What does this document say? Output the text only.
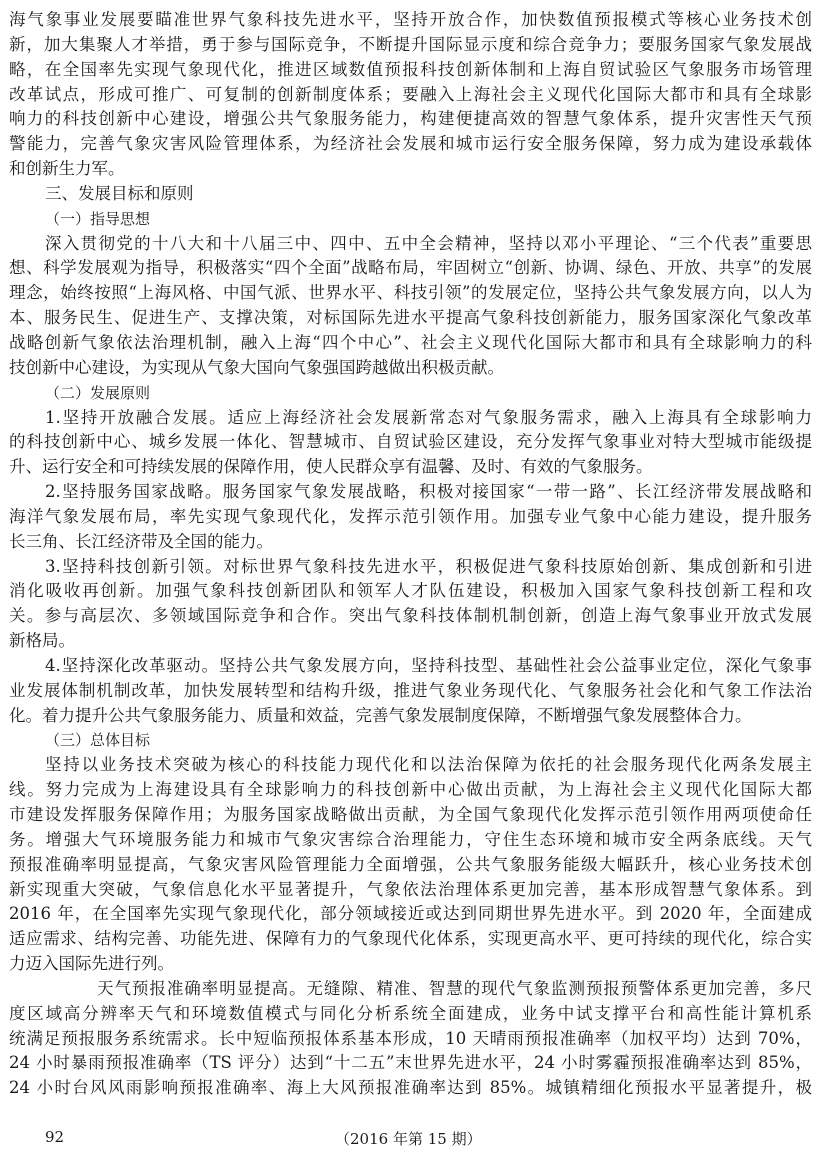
海气象事业发展要瞄准世界气象科技先进水平，坚持开放合作，加快数值预报模式等核心业务技术创
新，加大集聚人才举措，勇于参与国际竞争，不断提升国际显示度和综合竞争力；要服务国家气象发展战
略，在全国率先实现气象现代化，推进区域数值预报科技创新体制和上海自贸试验区气象服务市场管理
改革试点，形成可推广、可复制的创新制度体系；要融入上海社会主义现代化国际大都市和具有全球影
响力的科技创新中心建设，增强公共气象服务能力，构建便捷高效的智慧气象体系，提升灾害性天气预
警能力，完善气象灾害风险管理体系，为经济社会发展和城市运行安全服务保障，努力成为建设承载体
和创新生力军。
三、发展目标和原则
（一）指导思想
深入贯彻党的十八大和十八届三中、四中、五中全会精神，坚持以邓小平理论、“三个代表”重要思
想、科学发展观为指导，积极落实“四个全面”战略布局，牢固树立“创新、协调、绿色、开放、共享”的发展
理念，始终按照“上海风格、中国气派、世界水平、科技引领”的发展定位，坚持公共气象发展方向，以人为
本、服务民生、促进生产、支撑决策，对标国际先进水平提高气象科技创新能力，服务国家深化气象改革
战略创新气象依法治理机制，融入上海“四个中心”、社会主义现代化国际大都市和具有全球影响力的科
技创新中心建设，为实现从气象大国向气象强国跨越做出积极贡献。
（二）发展原则
1.坚持开放融合发展。适应上海经济社会发展新常态对气象服务需求，融入上海具有全球影响力
的科技创新中心、城乡发展一体化、智慧城市、自贸试验区建设，充分发挥气象事业对特大型城市能级提
升、运行安全和可持续发展的保障作用，使人民群众享有温馨、及时、有效的气象服务。
2.坚持服务国家战略。服务国家气象发展战略，积极对接国家“一带一路”、长江经济带发展战略和
海洋气象发展布局，率先实现气象现代化，发挥示范引领作用。加强专业气象中心能力建设，提升服务
长三角、长江经济带及全国的能力。
3.坚持科技创新引领。对标世界气象科技先进水平，积极促进气象科技原始创新、集成创新和引进
消化吸收再创新。加强气象科技创新团队和领军人才队伍建设，积极加入国家气象科技创新工程和攻
关。参与高层次、多领域国际竞争和合作。突出气象科技体制机制创新，创造上海气象事业开放式发展
新格局。
4.坚持深化改革驱动。坚持公共气象发展方向，坚持科技型、基础性社会公益事业定位，深化气象事
业发展体制机制改革，加快发展转型和结构升级，推进气象业务现代化、气象服务社会化和气象工作法治
化。着力提升公共气象服务能力、质量和效益，完善气象发展制度保障，不断增强气象发展整体合力。
（三）总体目标
坚持以业务技术突破为核心的科技能力现代化和以法治保障为依托的社会服务现代化两条发展主
线。努力完成为上海建设具有全球影响力的科技创新中心做出贡献，为上海社会主义现代化国际大都
市建设发挥服务保障作用；为服务国家战略做出贡献，为全国气象现代化发挥示范引领作用两项使命任
务。增强大气环境服务能力和城市气象灾害综合治理能力，守住生态环境和城市安全两条底线。天气
预报准确率明显提高，气象灾害风险管理能力全面增强，公共气象服务能级大幅跃升，核心业务技术创
新实现重大突破，气象信息化水平显著提升，气象依法治理体系更加完善，基本形成智慧气象体系。到
2016 年，在全国率先实现气象现代化，部分领域接近或达到同期世界先进水平。到 2020 年，全面建成
适应需求、结构完善、功能先进、保障有力的气象现代化体系，实现更高水平、更可持续的现代化，综合实
力迈入国际先进行列。
天气预报准确率明显提高。无缝隙、精准、智慧的现代气象监测预报预警体系更加完善，多尺
度区域高分辨率天气和环境数值模式与同化分析系统全面建成，业务中试支撑平台和高性能计算机系
统满足预报服务系统需求。长中短临预报体系基本形成，10 天晴雨预报准确率（加权平均）达到 70%，
24 小时暴雨预报准确率（TS 评分）达到“十二五”末世界先进水平，24 小时雾霾预报准确率达到 85%，
24 小时台风风雨影响预报准确率、海上大风预报准确率达到 85%。城镇精细化预报水平显著提升，极
92	（2016 年第 15 期）
